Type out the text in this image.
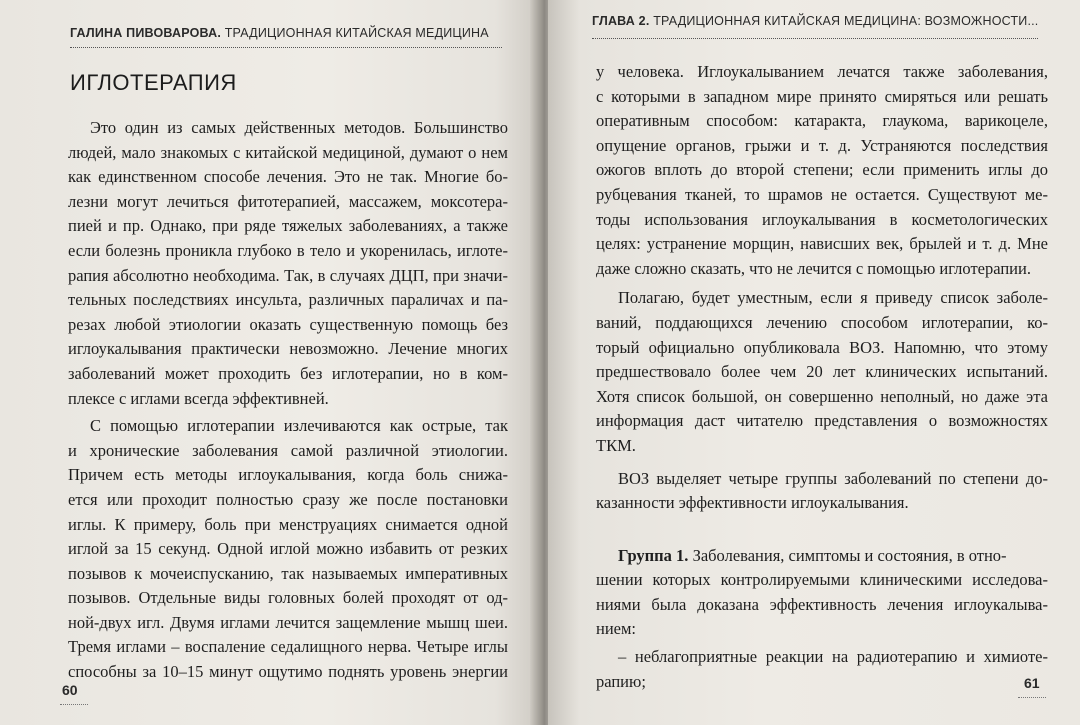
ГАЛИНА ПИВОВАРОВА. ТРАДИЦИОННАЯ КИТАЙСКАЯ МЕДИЦИНА
ИГЛОТЕРАПИЯ
Это один из самых действенных методов. Большинство
людей, мало знакомых с китайской медициной, думают о нем
как единственном способе лечения. Это не так. Многие бо-
лезни могут лечиться фитотерапией, массажем, моксотера-
пией и пр. Однако, при ряде тяжелых заболеваниях, а также
если болезнь проникла глубоко в тело и укоренилась, иглоте-
рапия абсолютно необходима. Так, в случаях ДЦП, при значи-
тельных последствиях инсульта, различных параличах и па-
резах любой этиологии оказать существенную помощь без
иглоукалывания практически невозможно. Лечение многих
заболеваний может проходить без иглотерапии, но в ком-
плексе с иглами всегда эффективней.
С помощью иглотерапии излечиваются как острые, так
и хронические заболевания самой различной этиологии.
Причем есть методы иглоукалывания, когда боль снижа-
ется или проходит полностью сразу же после постановки
иглы. К примеру, боль при менструациях снимается одной
иглой за 15 секунд. Одной иглой можно избавить от резких
позывов к мочеиспусканию, так называемых императивных
позывов. Отдельные виды головных болей проходят от од-
ной-двух игл. Двумя иглами лечится защемление мышц шеи.
Тремя иглами – воспаление седалищного нерва. Четыре иглы
способны за 10–15 минут ощутимо поднять уровень энергии
60
ГЛАВА 2. ТРАДИЦИОННАЯ КИТАЙСКАЯ МЕДИЦИНА: ВОЗМОЖНОСТИ...
у человека. Иглоукалыванием лечатся также заболевания,
с которыми в западном мире принято смиряться или решать
оперативным способом: катаракта, глаукома, варикоцеле,
опущение органов, грыжи и т. д. Устраняются последствия
ожогов вплоть до второй степени; если применить иглы до
рубцевания тканей, то шрамов не остается. Существуют ме-
тоды использования иглоукалывания в косметологических
целях: устранение морщин, нависших век, брылей и т. д. Мне
даже сложно сказать, что не лечится с помощью иглотерапии.
Полагаю, будет уместным, если я приведу список заболе-
ваний, поддающихся лечению способом иглотерапии, ко-
торый официально опубликовала ВОЗ. Напомню, что этому
предшествовало более чем 20 лет клинических испытаний.
Хотя список большой, он совершенно неполный, но даже эта
информация даст читателю представления о возможностях
ТКМ.
ВОЗ выделяет четыре группы заболеваний по степени до-
казанности эффективности иглоукалывания.
Группа 1. Заболевания, симптомы и состояния, в отно-
шении которых контролируемыми клиническими исследова-
ниями была доказана эффективность лечения иглоукалыва-
нием:
– неблагоприятные реакции на радиотерапию и химиоте-
рапию;	61
